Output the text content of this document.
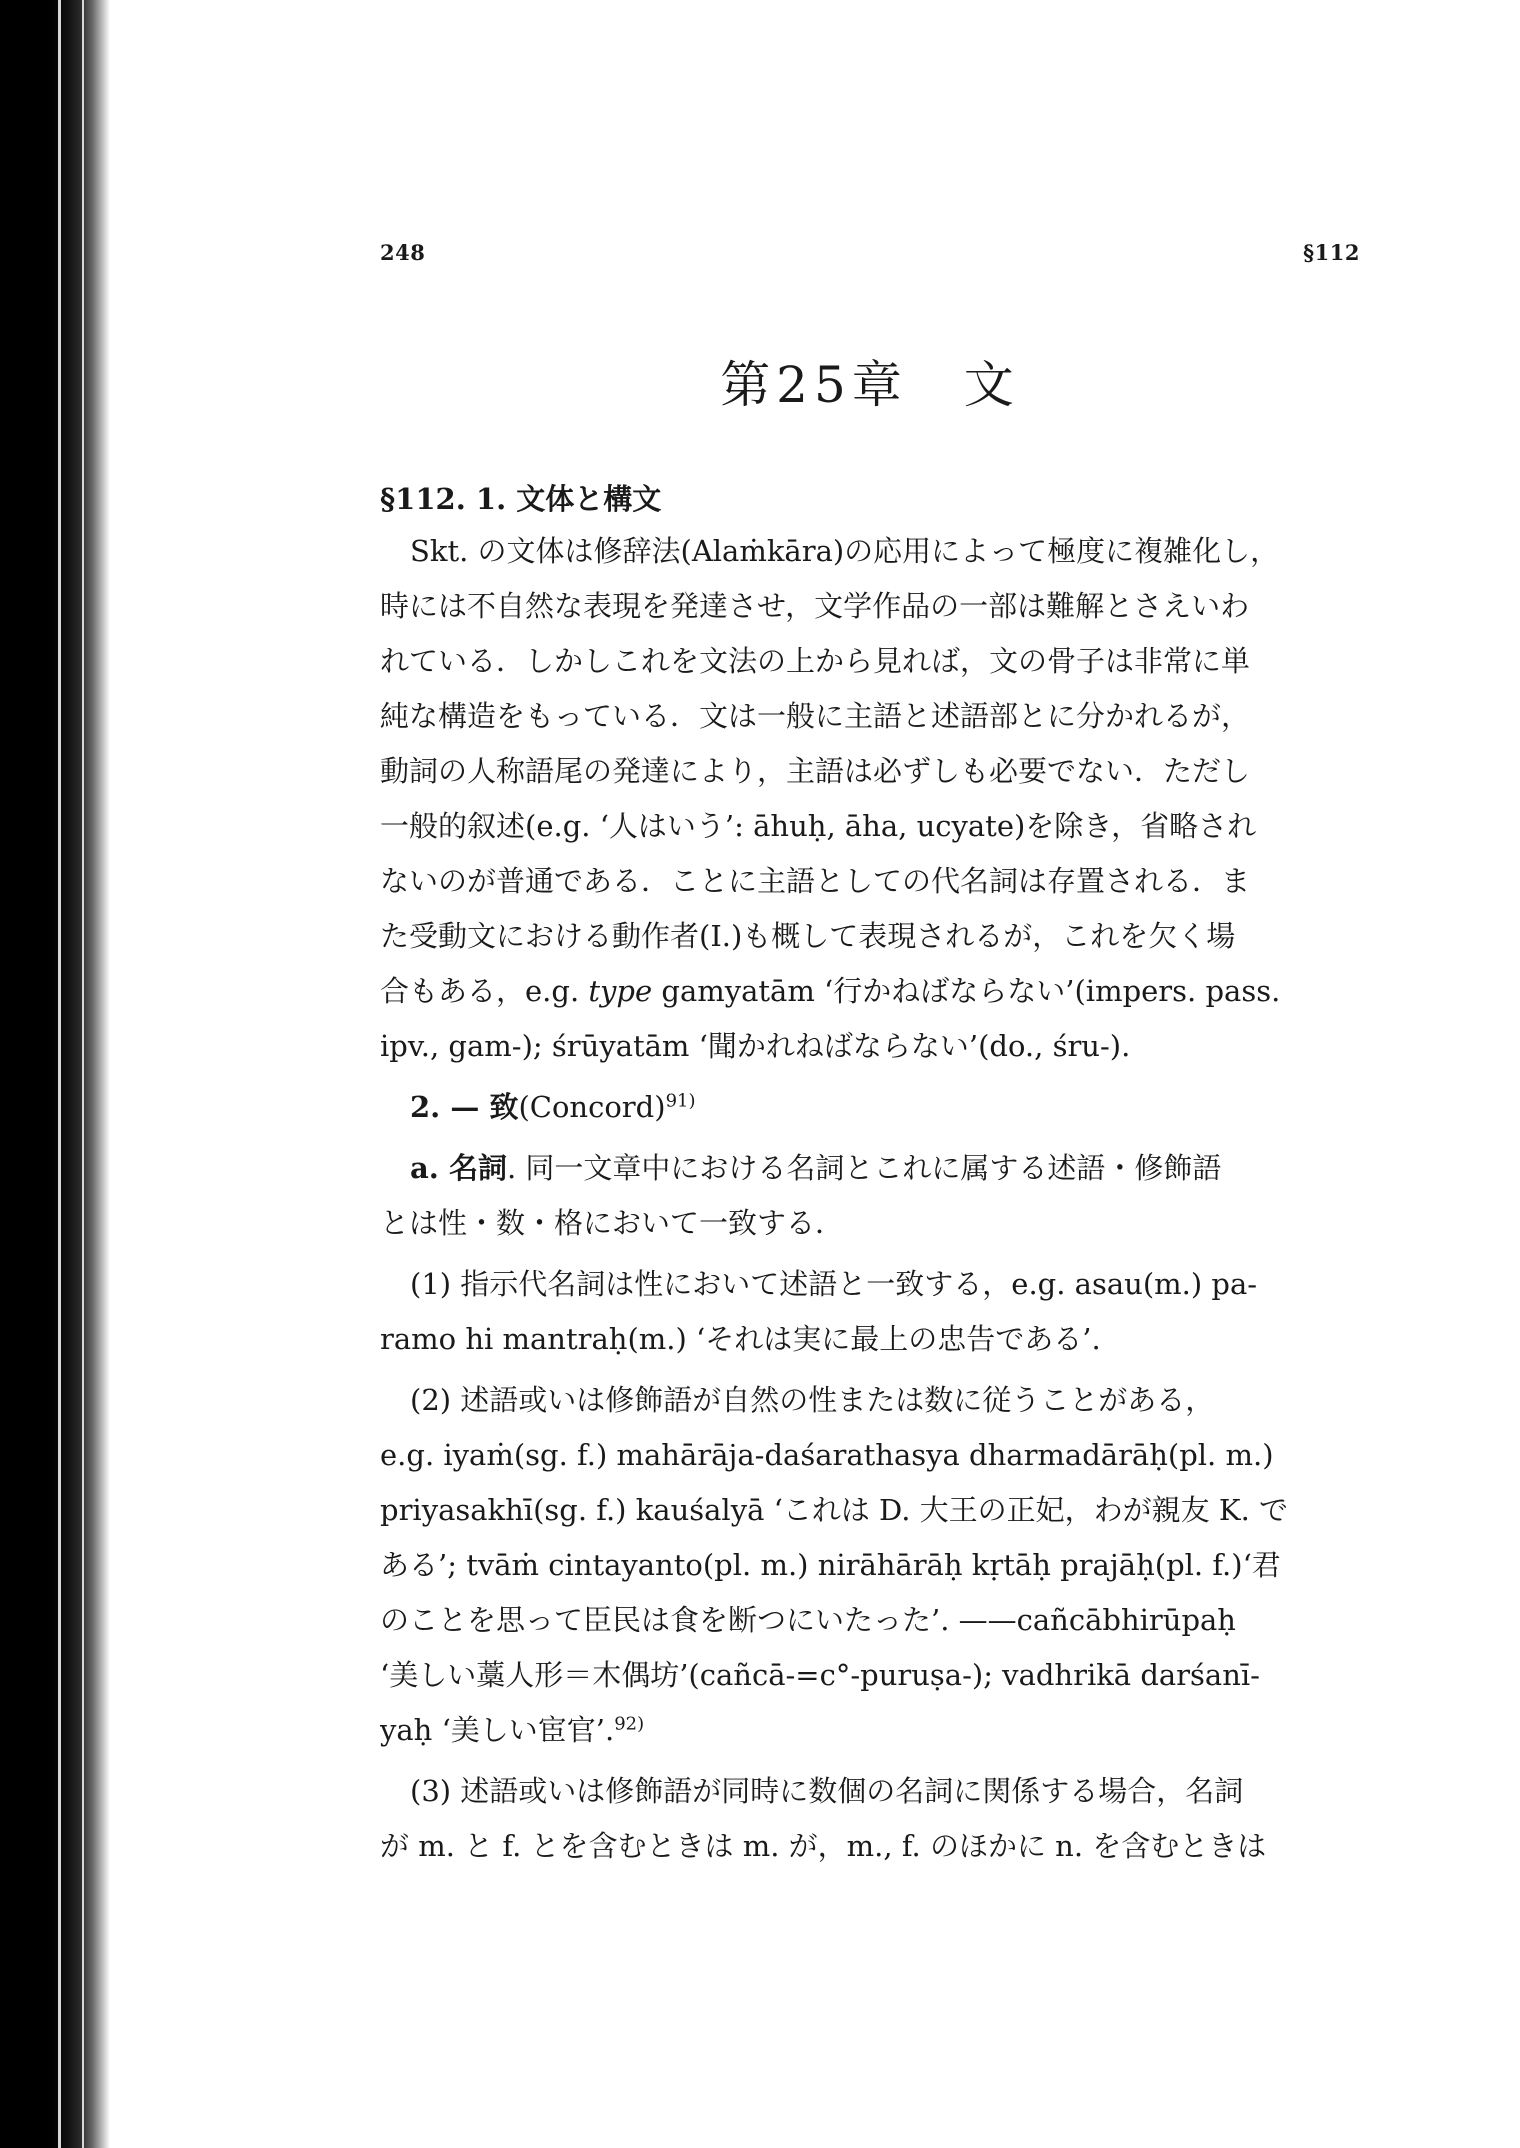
248	§112
第25章　文
§112. 1. 文体と構文

Skt. の文体は修辞法(Alaṁkāra)の応用によって極度に複雑化し，

時には不自然な表現を発達させ，文学作品の一部は難解とさえいわ

れている．しかしこれを文法の上から見れば，文の骨子は非常に単

純な構造をもっている．文は一般に主語と述語部とに分かれるが，

動詞の人称語尾の発達により，主語は必ずしも必要でない．ただし

一般的叙述(e.g. ‘人はいう’: āhuḥ, āha, ucyate)を除き，省略され

ないのが普通である．ことに主語としての代名詞は存置される．ま

た受動文における動作者(I.)も概して表現されるが，これを欠く場

合もある，e.g. type gamyatām ‘行かねばならない’(impers. pass.

ipv., gam-); śrūyatām ‘聞かれねばならない’(do., śru-).

2. — 致(Concord)$^{91)}$

a. 名詞. 同一文章中における名詞とこれに属する述語・修飾語

とは性・数・格において一致する．

(1) 指示代名詞は性において述語と一致する，e.g. asau(m.) pa-

ramo hi mantraḥ(m.) ‘それは実に最上の忠告である’.

(2) 述語或いは修飾語が自然の性または数に従うことがある，

e.g. iyaṁ(sg. f.) mahārāja-daśarathasya dharmadārāḥ(pl. m.)

priyasakhī(sg. f.) kauśalyā ‘これは D. 大王の正妃，わが親友 K. で

ある’; tvāṁ cintayanto(pl. m.) nirāhārāḥ kṛtāḥ prajāḥ(pl. f.)‘君

のことを思って臣民は食を断つにいたった’. ——cañcābhirūpaḥ

‘美しい藁人形＝木偶坊’(cañcā-=c°-puruṣa-); vadhrikā darśanī-

yaḥ ‘美しい宦官’.$^{92)}$

(3) 述語或いは修飾語が同時に数個の名詞に関係する場合，名詞

が m. と f. とを含むときは m. が，m., f. のほかに n. を含むときは
